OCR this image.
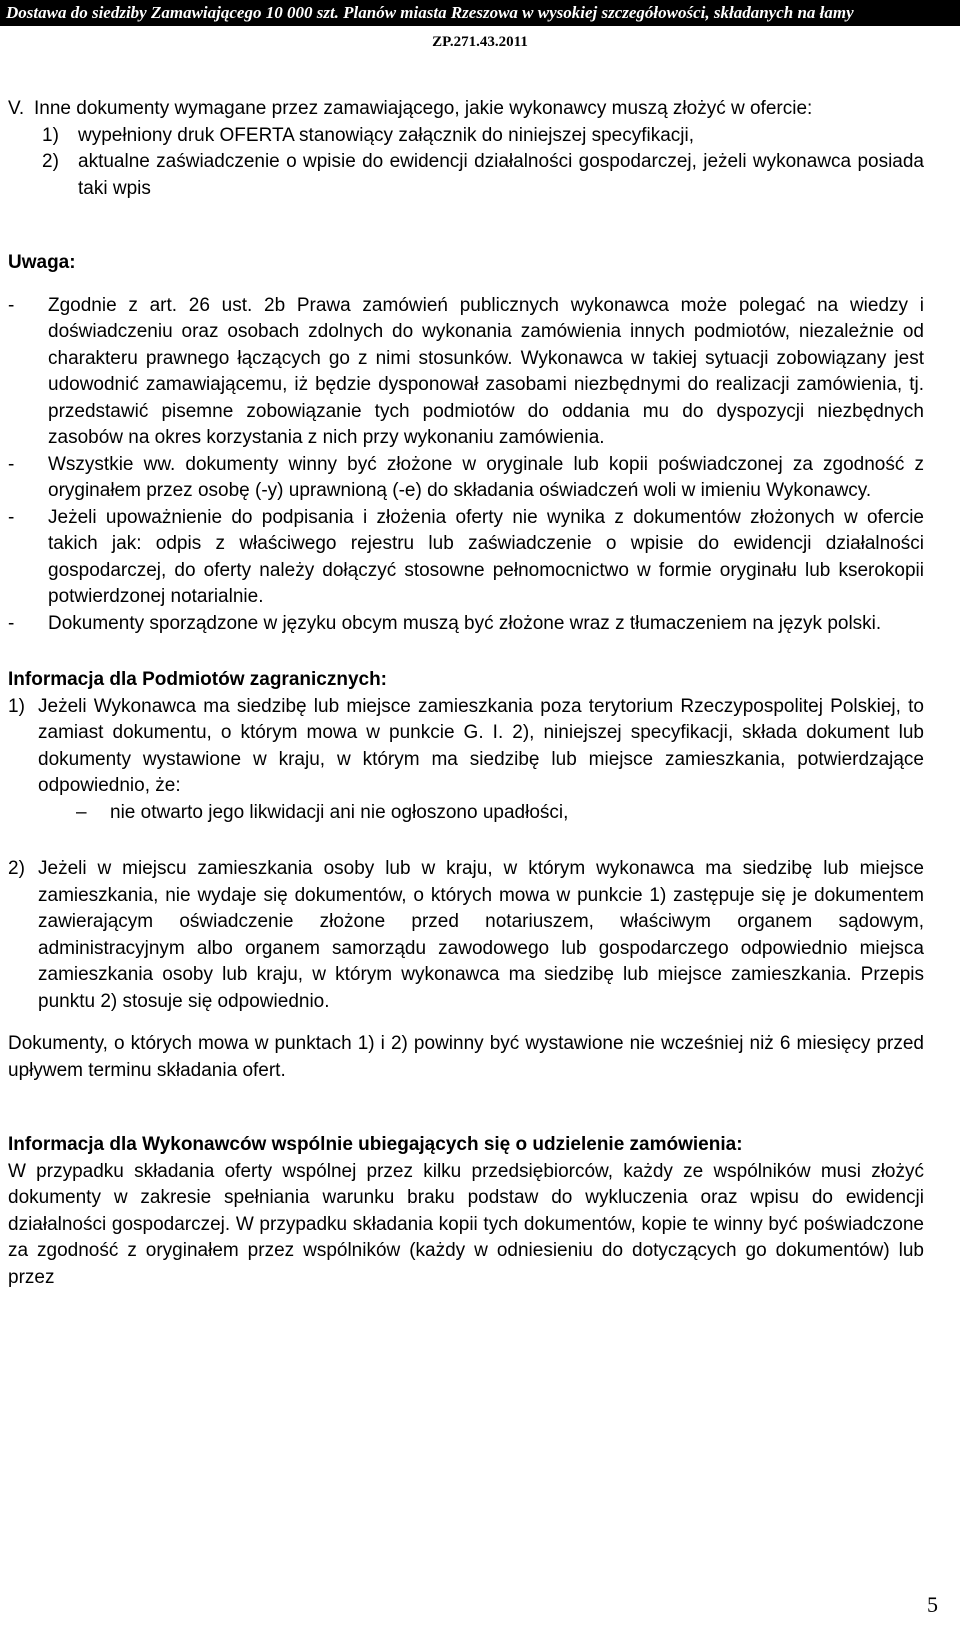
Dostawa do siedziby Zamawiającego 10 000 szt. Planów miasta Rzeszowa w wysokiej szczegółowości, składanych na łamy
ZP.271.43.2011
V. Inne dokumenty wymagane przez zamawiającego, jakie wykonawcy muszą złożyć w ofercie:
1)	wypełniony druk OFERTA stanowiący załącznik do niniejszej specyfikacji,
2)	aktualne zaświadczenie o wpisie do ewidencji działalności gospodarczej, jeżeli wykonawca posiada taki wpis

Uwaga:

-	Zgodnie z art. 26 ust. 2b Prawa zamówień publicznych wykonawca może polegać na wiedzy i doświadczeniu oraz osobach zdolnych do wykonania zamówienia innych podmiotów, niezależnie od charakteru prawnego łączących go z nimi stosunków. Wykonawca w takiej sytuacji zobowiązany jest udowodnić zamawiającemu, iż będzie dysponował zasobami niezbędnymi do realizacji zamówienia, tj. przedstawić pisemne zobowiązanie tych podmiotów do oddania mu do dyspozycji niezbędnych zasobów na okres korzystania z nich przy wykonaniu zamówienia.
-	Wszystkie ww. dokumenty winny być złożone w oryginale lub kopii poświadczonej za zgodność z oryginałem przez osobę (-y) uprawnioną (-e) do składania oświadczeń woli w imieniu Wykonawcy.
-	Jeżeli upoważnienie do podpisania i złożenia oferty nie wynika z dokumentów złożonych w ofercie takich jak: odpis z właściwego rejestru lub zaświadczenie o wpisie do ewidencji działalności gospodarczej, do oferty należy dołączyć stosowne pełnomocnictwo w formie oryginału lub kserokopii potwierdzonej notarialnie.
-	Dokumenty sporządzone w języku obcym muszą być złożone wraz z tłumaczeniem na język polski.

Informacja dla Podmiotów zagranicznych:

1) Jeżeli Wykonawca ma siedzibę lub miejsce zamieszkania poza terytorium Rzeczypospolitej Polskiej, to zamiast dokumentu, o którym mowa w punkcie G. I. 2), niniejszej specyfikacji, składa dokument lub dokumenty wystawione w kraju, w którym ma siedzibę lub miejsce zamieszkania, potwierdzające odpowiednio, że:
–	nie otwarto jego likwidacji ani nie ogłoszono upadłości,
2) Jeżeli w miejscu zamieszkania osoby lub w kraju, w którym wykonawca ma siedzibę lub miejsce zamieszkania, nie wydaje się dokumentów, o których mowa w punkcie 1) zastępuje się je dokumentem zawierającym oświadczenie złożone przed notariuszem, właściwym organem sądowym, administracyjnym albo organem samorządu zawodowego lub gospodarczego odpowiednio miejsca zamieszkania osoby lub kraju, w którym wykonawca ma siedzibę lub miejsce zamieszkania. Przepis punktu 2) stosuje się odpowiednio.

Dokumenty, o których mowa w punktach 1) i 2) powinny być wystawione nie wcześniej niż 6 miesięcy przed upływem terminu składania ofert.

Informacja dla Wykonawców wspólnie ubiegających się o udzielenie zamówienia:

W przypadku składania oferty wspólnej przez kilku przedsiębiorców, każdy ze wspólników musi złożyć dokumenty w zakresie spełniania warunku braku podstaw do wykluczenia oraz wpisu do ewidencji działalności gospodarczej. W przypadku składania kopii tych dokumentów, kopie te winny być poświadczone za zgodność z oryginałem przez wspólników (każdy w odniesieniu do dotyczących go dokumentów) lub przez

5
